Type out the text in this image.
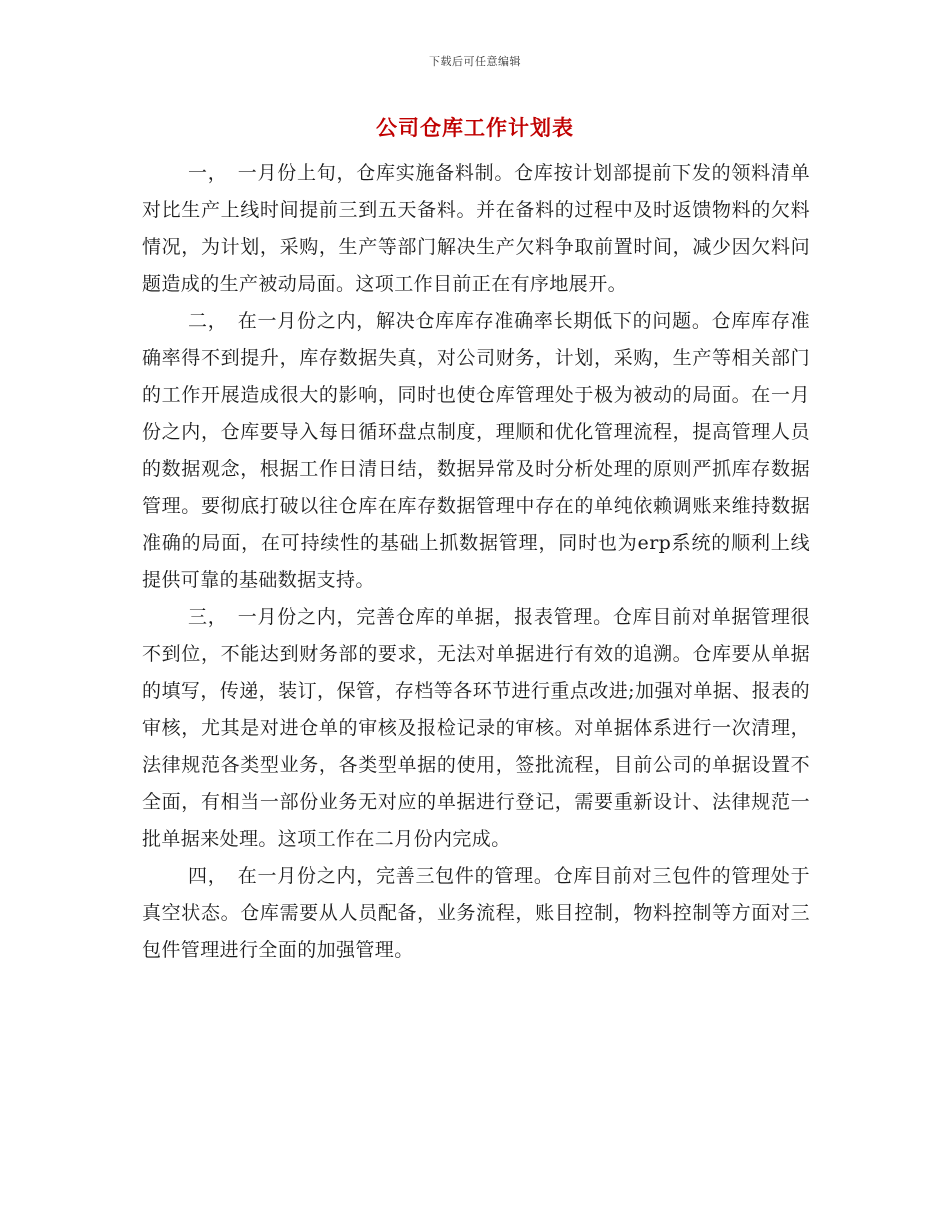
下载后可任意编辑
公司仓库工作计划表

一，　一月份上旬，仓库实施备料制。仓库按计划部提前下发的领料清单对比生产上线时间提前三到五天备料。并在备料的过程中及时返馈物料的欠料情况，为计划，采购，生产等部门解决生产欠料争取前置时间，减少因欠料问题造成的生产被动局面。这项工作目前正在有序地展开。

二，　在一月份之内，解决仓库库存准确率长期低下的问题。仓库库存准确率得不到提升，库存数据失真，对公司财务，计划，采购，生产等相关部门的工作开展造成很大的影响，同时也使仓库管理处于极为被动的局面。在一月份之内，仓库要导入每日循环盘点制度，理顺和优化管理流程，提高管理人员的数据观念，根据工作日清日结，数据异常及时分析处理的原则严抓库存数据管理。要彻底打破以往仓库在库存数据管理中存在的单纯依赖调账来维持数据准确的局面，在可持续性的基础上抓数据管理，同时也为erp系统的顺利上线提供可靠的基础数据支持。

三，　一月份之内，完善仓库的单据，报表管理。仓库目前对单据管理很不到位，不能达到财务部的要求，无法对单据进行有效的追溯。仓库要从单据的填写，传递，装订，保管，存档等各环节进行重点改进;加强对单据、报表的审核，尤其是对进仓单的审核及报检记录的审核。对单据体系进行一次清理，法律规范各类型业务，各类型单据的使用，签批流程，目前公司的单据设置不全面，有相当一部份业务无对应的单据进行登记，需要重新设计、法律规范一批单据来处理。这项工作在二月份内完成。

四，　在一月份之内，完善三包件的管理。仓库目前对三包件的管理处于真空状态。仓库需要从人员配备，业务流程，账目控制，物料控制等方面对三包件管理进行全面的加强管理。
